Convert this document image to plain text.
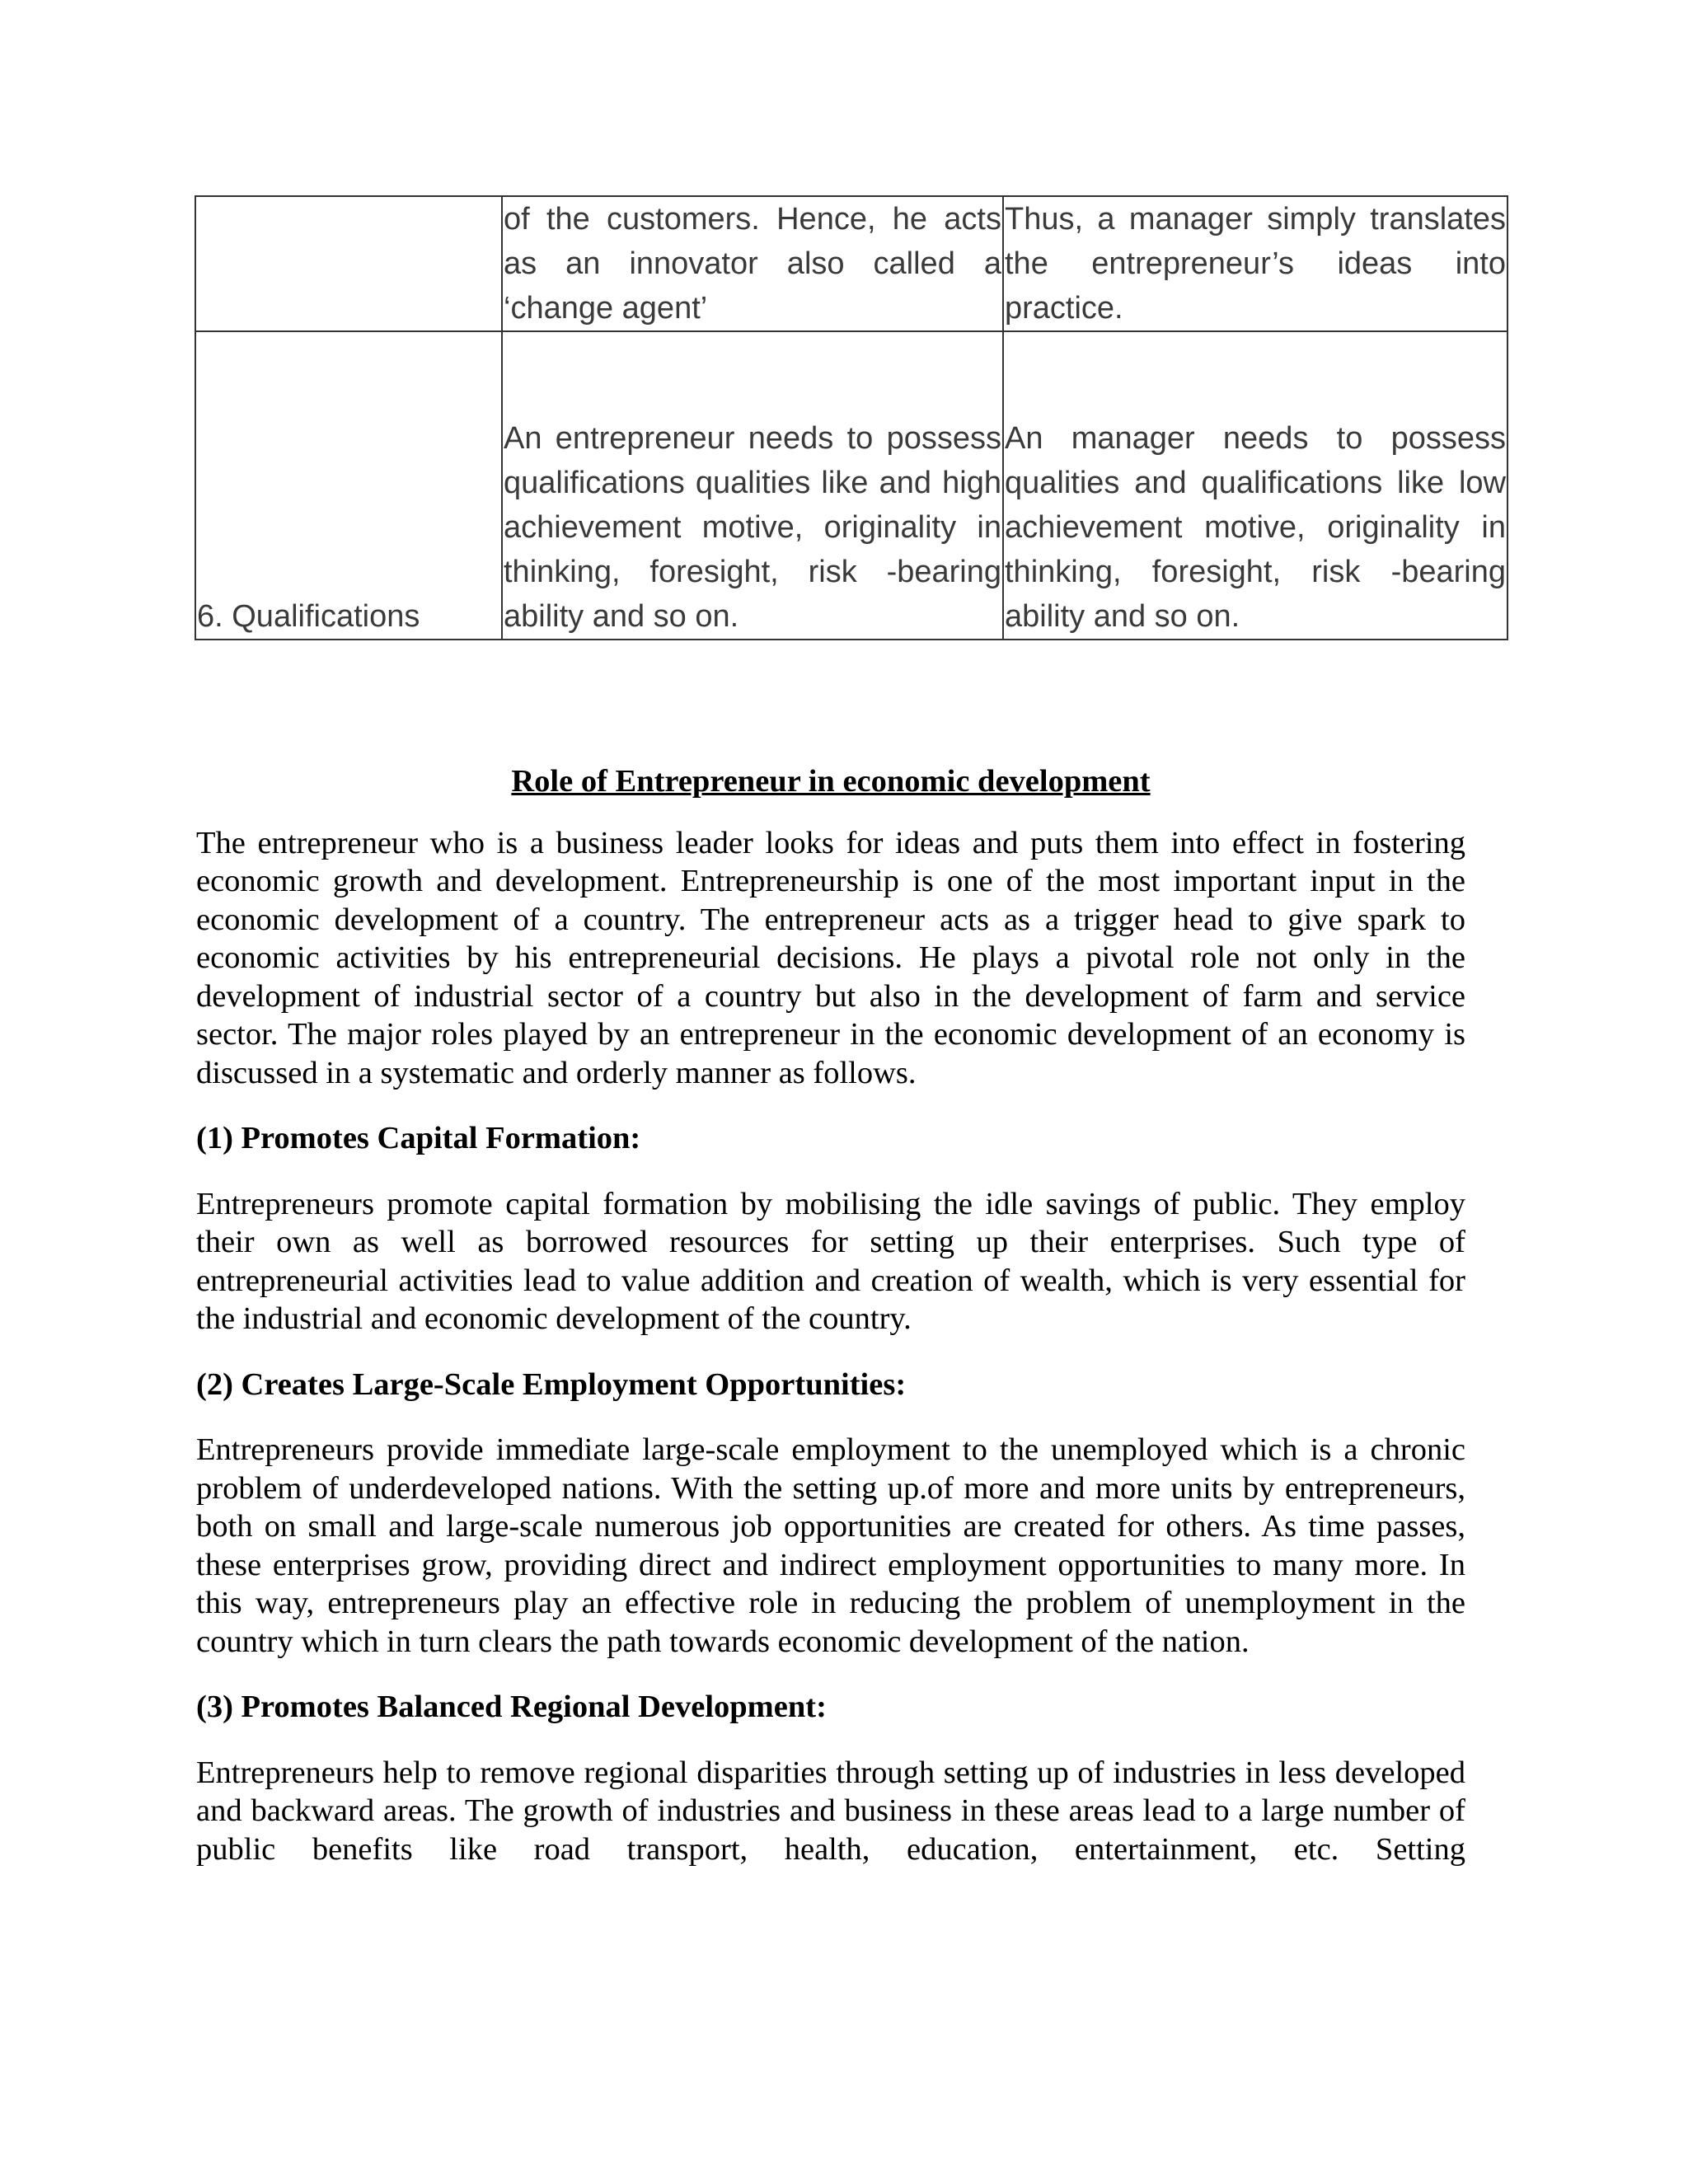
	of the customers. Hence, he acts as an innovator also called a ‘change agent’	Thus, a manager simply translates the entrepreneur’s ideas into practice.
6. Qualifications	An entrepreneur needs to possess qualifications qualities like and high achievement motive, originality in thinking, foresight, risk -bearing ability and so on.	An manager needs to possess qualities and qualifications like low achievement motive, originality in thinking, foresight, risk -bearing ability and so on.
Role of Entrepreneur in economic development

The entrepreneur who is a business leader looks for ideas and puts them into effect in fostering economic growth and development. Entrepreneurship is one of the most important input in the economic development of a country. The entrepreneur acts as a trigger head to give spark to economic activities by his entrepreneurial decisions. He plays a pivotal role not only in the development of industrial sector of a country but also in the development of farm and service sector. The major roles played by an entrepreneur in the economic development of an economy is discussed in a systematic and orderly manner as follows.

(1) Promotes Capital Formation:

Entrepreneurs promote capital formation by mobilising the idle savings of public. They employ their own as well as borrowed resources for setting up their enterprises. Such type of entrepreneurial activities lead to value addition and creation of wealth, which is very essential for the industrial and economic development of the country.

(2) Creates Large-Scale Employment Opportunities:

Entrepreneurs provide immediate large-scale employment to the unemployed which is a chronic problem of underdeveloped nations. With the setting up.of more and more units by entrepreneurs, both on small and large-scale numerous job opportunities are created for others. As time passes, these enterprises grow, providing direct and indirect employment opportunities to many more. In this way, entrepreneurs play an effective role in reducing the problem of unemployment in the country which in turn clears the path towards economic development of the nation.

(3) Promotes Balanced Regional Development:

Entrepreneurs help to remove regional disparities through setting up of industries in less developed and backward areas. The growth of industries and business in these areas lead to a large number of public benefits like road transport, health, education, entertainment, etc. Setting
